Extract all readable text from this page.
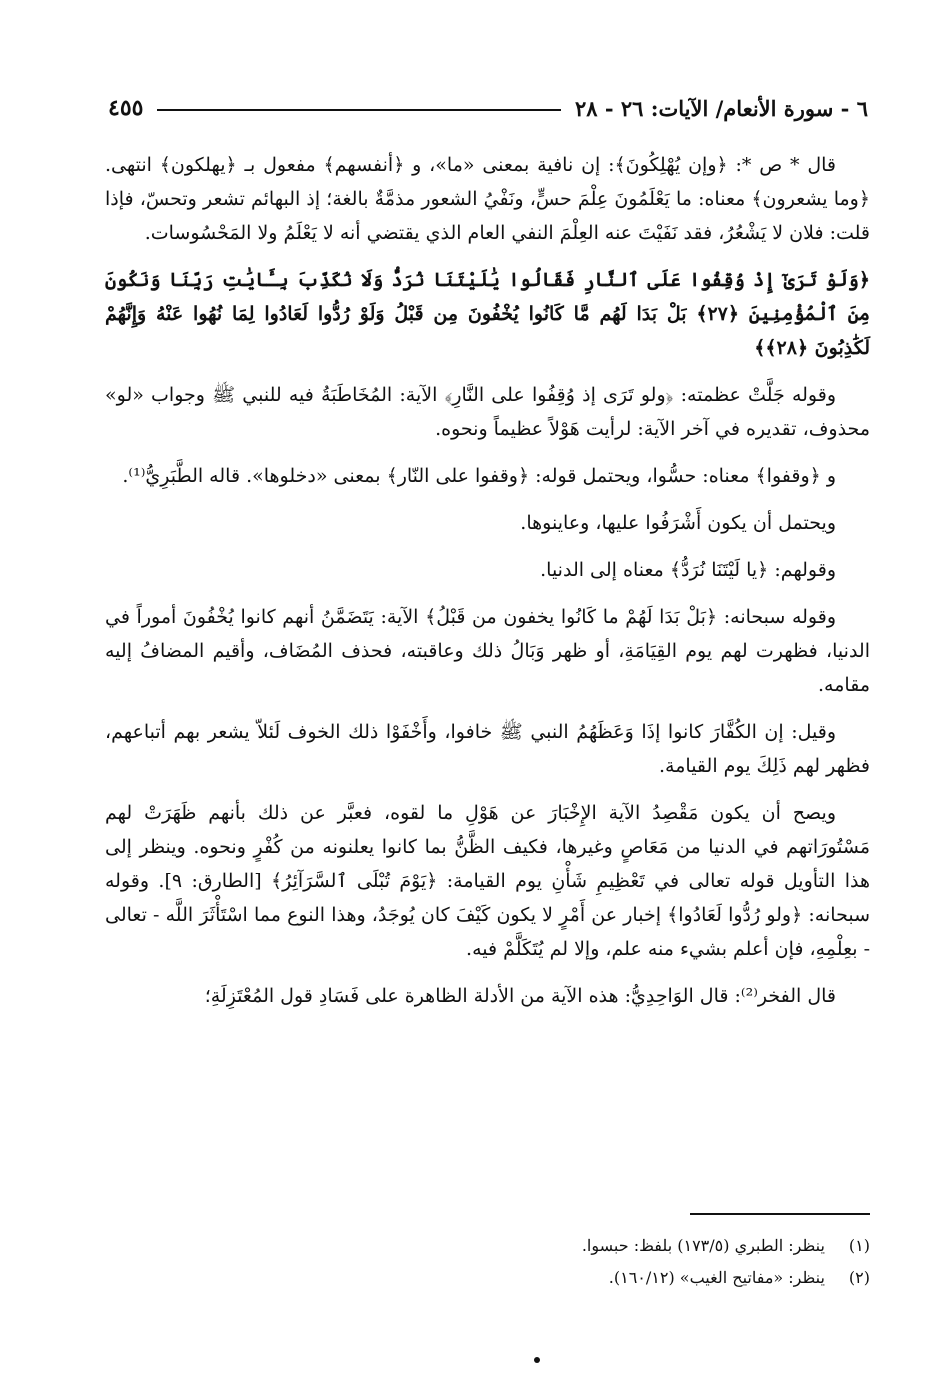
٦ - سورة الأنعام/ الآيات: ٢٦ - ٢٨
٤٥٥

قال * ص *: ﴿وإن يُهْلِكُونَ﴾: إن نافية بمعنى «ما»، و ﴿أنفسهم﴾ مفعول بـ ﴿يهلكون﴾ انتهى. ﴿وما يشعرون﴾ معناه: ما يَعْلَمُونَ عِلْمَ حسٍّ، ونَفْيُ الشعور مذمَّةٌ بالغة؛ إذ البهائم تشعر وتحسّ، فإذا قلت: فلان لا يَشْعُرُ، فقد نَفَيْتَ عنه العِلْمَ النفي العام الذي يقتضي أنه لا يَعْلَمُ ولا المَحْسُوسات.

﴿وَلَوْ تَرَىٰٓ إِذْ وُقِفُوا عَلَى ٱلنَّارِ فَقَالُوا يَٰلَيْتَنَا نُرَدُّ وَلَا نُكَذِّبَ بِـَٔايَٰتِ رَبِّنَا وَنَكُونَ مِنَ ٱلْمُؤْمِنِينَ ﴿٢٧﴾ بَلْ بَدَا لَهُم مَّا كَانُوا يُخْفُونَ مِن قَبْلُ وَلَوْ رُدُّوا لَعَادُوا لِمَا نُهُوا عَنْهُ وَإِنَّهُمْ لَكَٰذِبُونَ ﴿٢٨﴾﴾

وقوله جَلَّتْ عظمته: ﴿ولو تَرَى إذ وُقِفُوا على النَّارِ﴾ الآية: المُخَاطَبَةُ فيه للنبي ﷺ وجواب «لو» محذوف، تقديره في آخر الآية: لرأيت هَوْلاً عظيماً ونحوه.

و ﴿وقفوا﴾ معناه: حسُّوا، ويحتمل قوله: ﴿وقفوا على النّار﴾ بمعنى «دخلوها». قاله الطَّبَرِيُّ⁽¹⁾.

ويحتمل أن يكون أَشْرَفُوا عليها، وعاينوها.

وقولهم: ﴿يا لَيْتَنَا نُرَدُّ﴾ معناه إلى الدنيا.

وقوله سبحانه: ﴿بَلْ بَدَا لَهُمْ ما كَانُوا يخفون من قَبْلُ﴾ الآية: يَتَضَمَّنُ أنهم كانوا يُخْفُونَ أموراً في الدنيا، فظهرت لهم يوم القِيَامَةِ، أو ظهر وَبَالُ ذلك وعاقبته، فحذف المُضَاف، وأقيم المضافُ إليه مقامه.

وقيل: إن الكُفَّارَ كانوا إذَا وَعَظَهُمُ النبي ﷺ خافوا، وأَخْفَوْا ذلك الخوف لَئلاّ يشعر بهم أتباعهم، فظهر لهم ذَلِكَ يوم القيامة.

ويصح أن يكون مَقْصِدُ الآية الإِخْبَارَ عن هَوْلِ ما لقوه، فعبَّر عن ذلك بأنهم ظَهَرَتْ لهم مَسْتُورَاتهم في الدنيا من مَعَاصٍ وغيرها، فكيف الظَّنُّ بما كانوا يعلنونه من كُفْرٍ ونحوه. وينظر إلى هذا التأويل قوله تعالى في تَعْظِيمِ شَأْنِ يوم القيامة: ﴿يَوْمَ تُبْلَى ٱلسَّرَآئِرُ﴾ [الطارق: ٩]. وقوله سبحانه: ﴿ولو رُدُّوا لَعَادُوا﴾ إخبار عن أَمْرٍ لا يكون كَيْفَ كان يُوجَدُ، وهذا النوع مما اسْتَأْثَرَ اللَّه - تعالى - بعِلْمِهِ، فإن أعلم بشيء منه علم، وإلا لم يُتَكَلَّمْ فيه.

قال الفخر⁽²⁾: قال الوَاحِدِيُّ: هذه الآية من الأدلة الظاهرة على فَسَادِ قول المُعْتَزِلَةِ؛

(١) ينظر: الطبري (١٧٣/٥) بلفظ: حبسوا.
(٢) ينظر: «مفاتيح الغيب» (١٦٠/١٢).
